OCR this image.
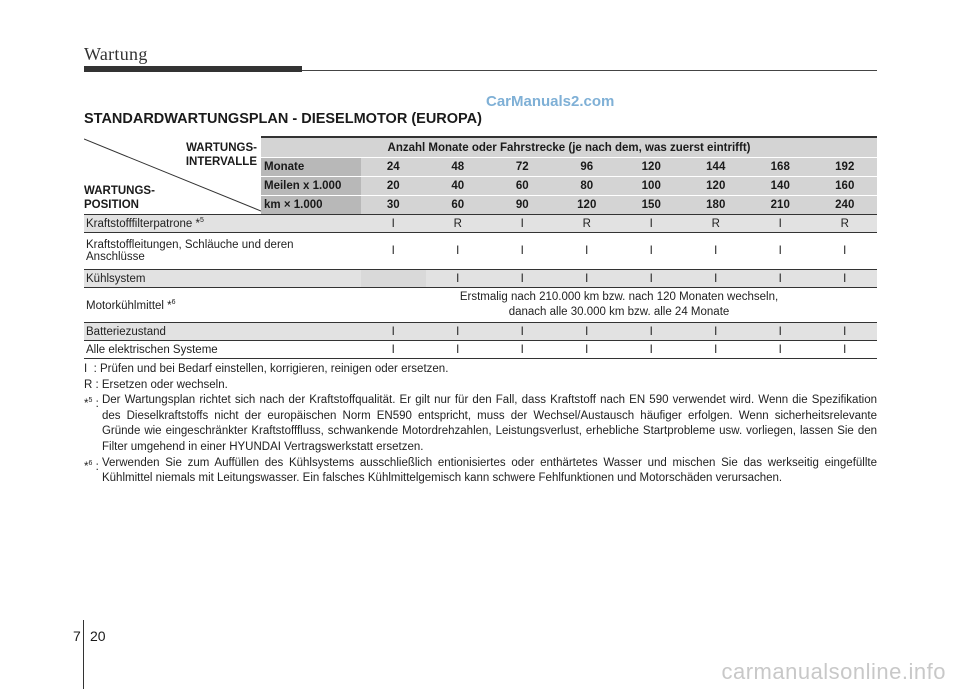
Wartung
CarManuals2.com
STANDARDWARTUNGSPLAN - DIESELMOTOR (EUROPA)
WARTUNGS-
INTERVALLE
WARTUNGS-
POSITION	Anzahl Monate oder Fahrstrecke (je nach dem, was zuerst eintrifft)								
	Monate	24	48	72	96	120	144	168	192
	Meilen x 1.000	20	40	60	80	100	120	140	160
	km × 1.000	30	60	90	120	150	180	210	240
Kraftstofffilterpatrone *$^5$		I	R	I	R	I	R	I	R
Kraftstoffleitungen, Schläuche und deren
Anschlüsse		I	I	I	I	I	I	I	I
Kühlsystem			I	I	I	I	I	I	I
Motorkühlmittel *$^6$		Erstmalig nach 210.000 km bzw. nach 120 Monaten wechseln,
danach alle 30.000 km bzw. alle 24 Monate							

Batteriezustand		I	I	I	I	I	I	I	I
Alle elektrischen Systeme		I	I	I	I	I	I	I	I
I  : Prüfen und bei Bedarf einstellen, korrigieren, reinigen oder ersetzen.
R : Ersetzen oder wechseln.
*$^5$ : Der Wartungsplan richtet sich nach der Kraftstoffqualität. Er gilt nur für den Fall, dass Kraftstoff nach EN 590 verwendet wird. Wenn die Spezifikation des Dieselkraftstoffs nicht der europäischen Norm EN590 entspricht, muss der Wechsel/Austausch häufiger erfolgen. Wenn sicherheitsrelevante Gründe wie eingeschränkter Kraftstofffluss, schwankende Motordrehzahlen, Leistungsverlust, erhebliche Startprobleme usw. vorliegen, lassen Sie den Filter umgehend in einer HYUNDAI Vertragswerkstatt ersetzen.
*$^6$ : Verwenden Sie zum Auffüllen des Kühlsystems ausschließlich entionisiertes oder enthärtetes Wasser und mischen Sie das werkseitig eingefüllte Kühlmittel niemals mit Leitungswasser. Ein falsches Kühlmittelgemisch kann schwere Fehlfunktionen und Motorschäden verursachen.
7 20
carmanualsonline.info
